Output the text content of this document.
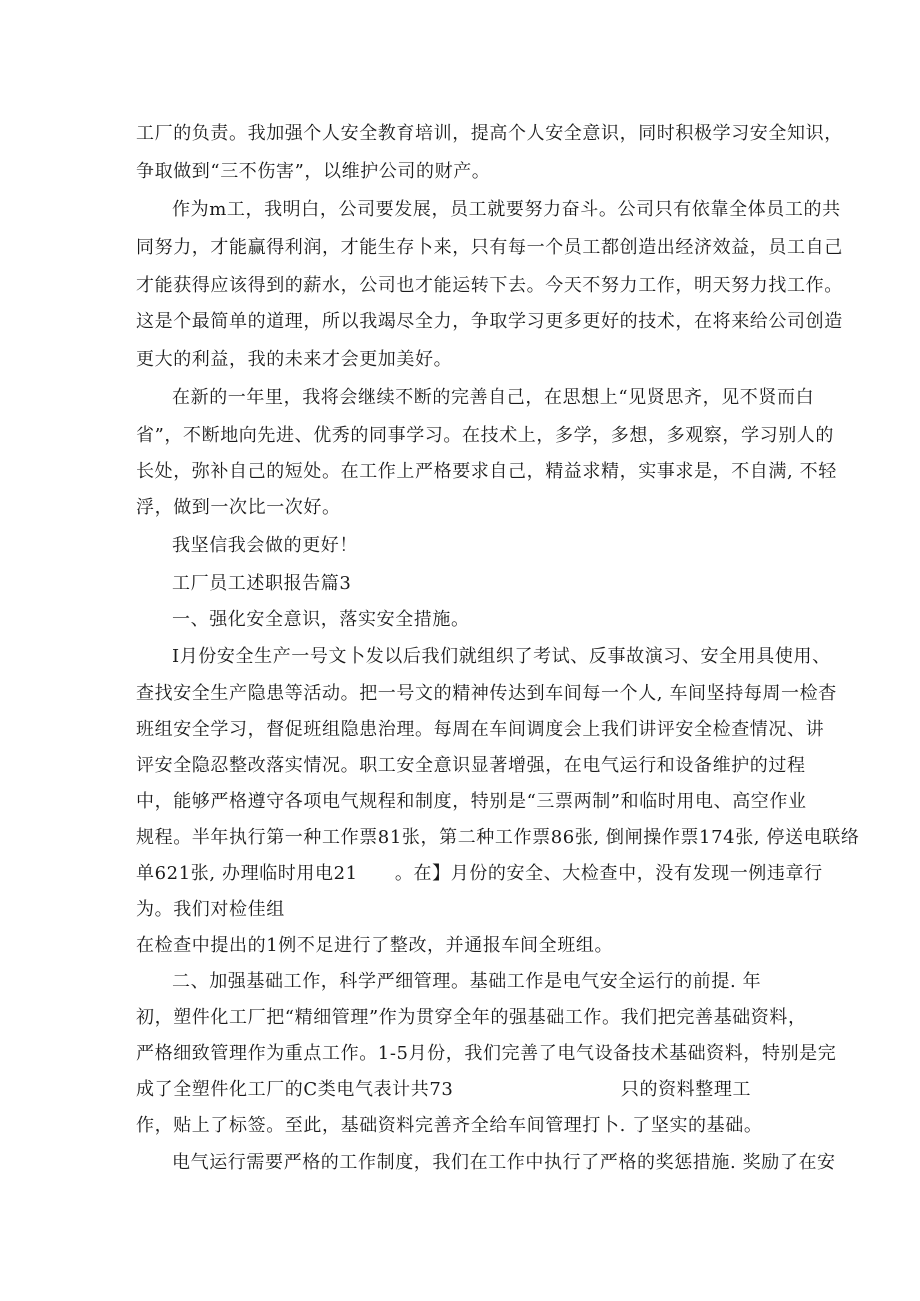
工厂的负责。我加强个人安全教育培训，提高个人安全意识，同时积极学习安全知识，
争取做到“三不伤害”，以维护公司的财产。
作为m工，我明白，公司要发展，员工就要努力奋斗。公司只有依靠全体员工的共
同努力，才能赢得利润，才能生存卜来，只有每一个员工都创造出经济效益，员工自己
才能获得应该得到的薪水，公司也才能运转下去。今天不努力工作，明天努力找工作。
这是个最简单的道理，所以我竭尽全力，争取学习更多更好的技术，在将来给公司创造
更大的利益，我的未来才会更加美好。
在新的一年里，我将会继续不断的完善自己，在思想上“见贤思齐，见不贤而白
省”，不断地向先进、优秀的同事学习。在技术上，多学，多想，多观察，学习别人的
长处，弥补自己的短处。在工作上严格要求自己，精益求精，实事求是，不自满, 不轻
浮，做到一次比一次好。
我坚信我会做的更好！
工厂员工述职报告篇3
一、强化安全意识，落实安全措施。
I月份安全生产一号文卜发以后我们就组织了考试、反事故演习、安全用具使用、
查找安全生产隐患等活动。把一号文的精神传达到车间每一个人, 车间坚持每周一检杳
班组安全学习，督促班组隐患治理。每周在车间调度会上我们讲评安全检查情况、讲
评安全隐忍整改落实情况。职工安全意识显著增强，在电气运行和设备维护的过程
中，能够严格遵守各项电气规程和制度，特别是“三票两制”和临时用电、高空作业
规程。半年执行第一种工作票81张，第二种工作票86张, 倒闸操作票174张, 停送电联络
单621张, 办理临时用电21　　。在】月份的安全、大检查中，没有发现一例违章行
为。我们对检佳组
在检查中提出的1例不足进行了整改，并通报车间全班组。
二、加强基础工作，科学严细管理。基础工作是电气安全运行的前提. 年
初，塑件化工厂把“精细管理”作为贯穿全年的强基础工作。我们把完善基础资料，
严格细致管理作为重点工作。1-5月份，我们完善了电气设备技术基础资料，特别是完
成了全塑件化工厂的C类电气表计共73　　　　　　　　　只的资料整理工
作，贴上了标签。至此，基础资料完善齐全给车间管理打卜. 了坚实的基础。
电气运行需要严格的工作制度，我们在工作中执行了严格的奖惩措施. 奖励了在安
